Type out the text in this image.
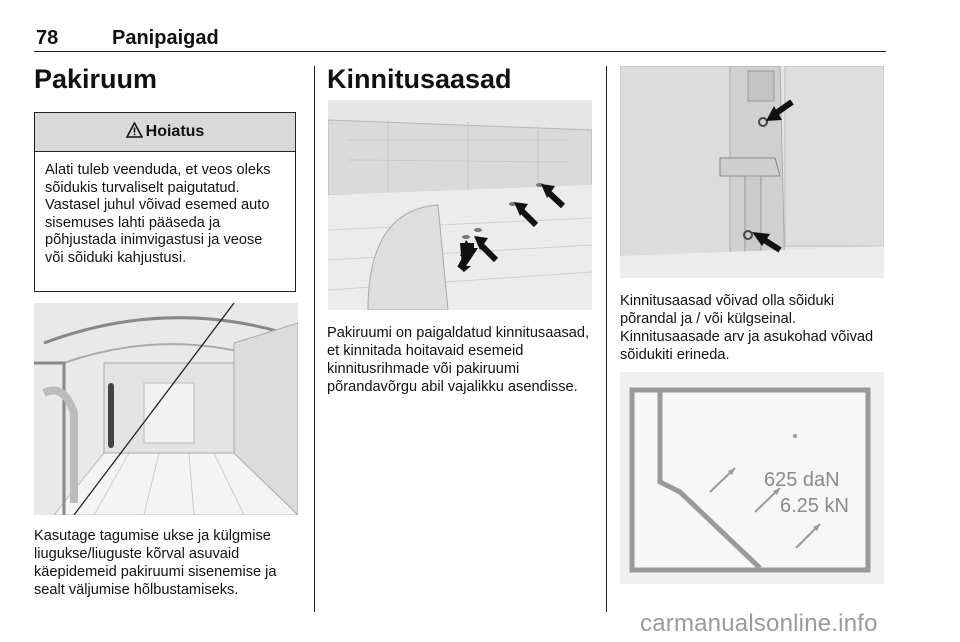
78	Panipaigad
Pakiruum
Hoiatus
Alati tuleb veenduda, et veos oleks sõidukis turvaliselt paigutatud. Vastasel juhul võivad esemed auto sisemuses lahti pääseda ja põhjustada inimvigastusi ja veose või sõiduki kahjustusi.
Kasutage tagumise ukse ja külgmise liugukse/liuguste kõrval asuvaid käepidemeid pakiruumi sisenemise ja sealt väljumise hõlbustamiseks.
Kinnitusaasad
Pakiruumi on paigaldatud kinnitusaasad, et kinnitada hoitavaid esemeid kinnitusrihmade või pakiruumi põrandavõrgu abil vajalikku asendisse.
Kinnitusaasad võivad olla sõiduki põrandal ja / või külgseinal. Kinnitusaasade arv ja asukohad võivad sõidukiti erineda.
625 daN
6.25 kN
carmanualsonline.info
